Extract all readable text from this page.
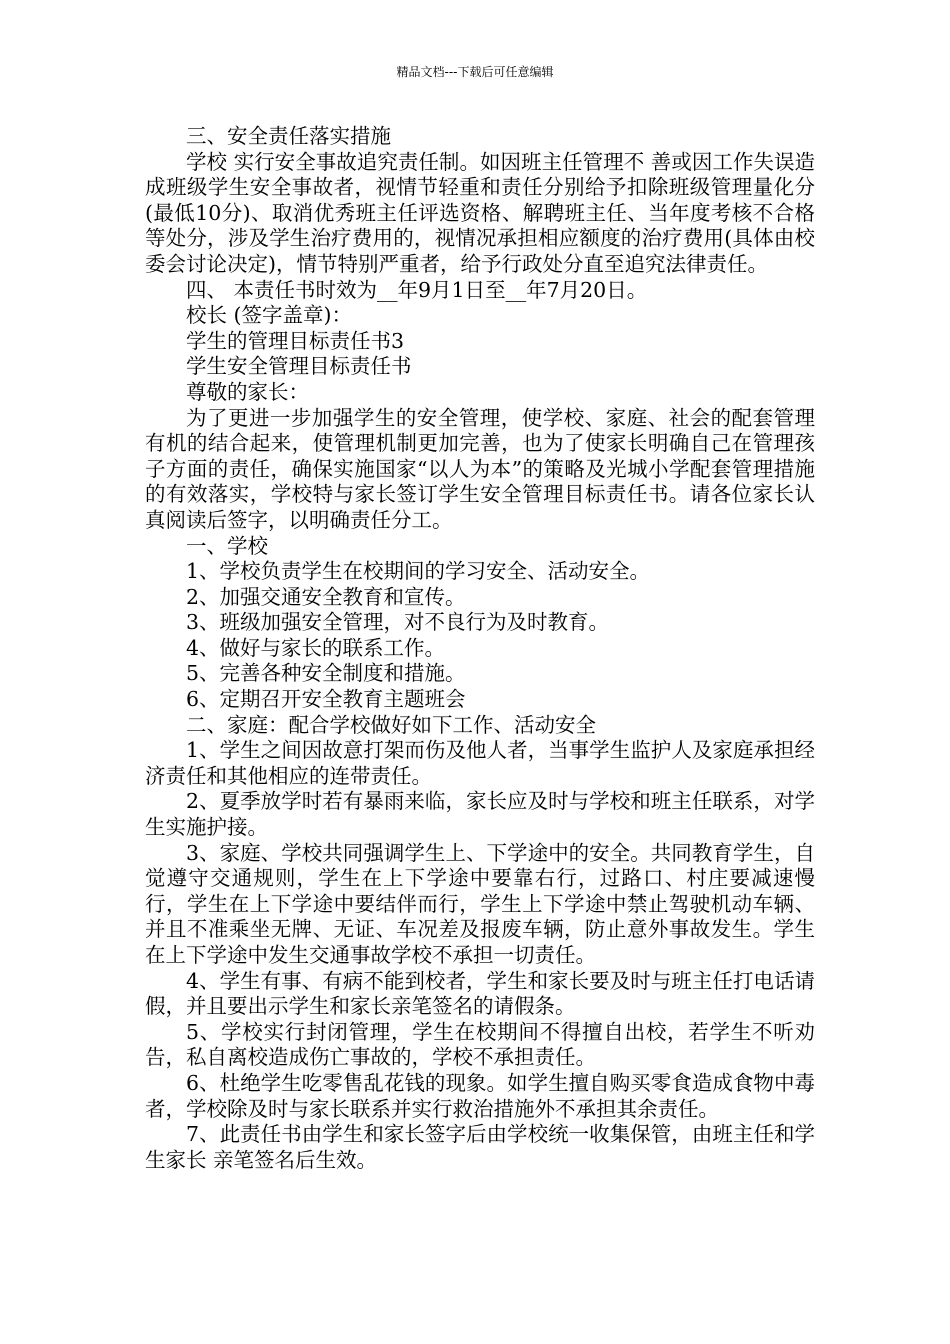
精品文档---下载后可任意编辑

三、安全责任落实措施

学校 实行安全事故追究责任制。如因班主任管理不 善或因工作失误造成班级学生安全事故者，视情节轻重和责任分别给予扣除班级管理量化分(最低10分)、取消优秀班主任评选资格、解聘班主任、当年度考核不合格等处分，涉及学生治疗费用的，视情况承担相应额度的治疗费用(具体由校委会讨论决定)，情节特别严重者，给予行政处分直至追究法律责任。

四、 本责任书时效为__年9月1日至__年7月20日。

校长 (签字盖章)：

学生的管理目标责任书3

学生安全管理目标责任书

尊敬的家长：

为了更进一步加强学生的安全管理，使学校、家庭、社会的配套管理有机的结合起来，使管理机制更加完善，也为了使家长明确自己在管理孩子方面的责任，确保实施国家“以人为本”的策略及光城小学配套管理措施的有效落实，学校特与家长签订学生安全管理目标责任书。请各位家长认真阅读后签字，以明确责任分工。

一、学校

1、学校负责学生在校期间的学习安全、活动安全。

2、加强交通安全教育和宣传。

3、班级加强安全管理，对不良行为及时教育。

4、做好与家长的联系工作。

5、完善各种安全制度和措施。

6、定期召开安全教育主题班会

二、家庭：配合学校做好如下工作、活动安全

1、学生之间因故意打架而伤及他人者，当事学生监护人及家庭承担经济责任和其他相应的连带责任。

2、夏季放学时若有暴雨来临，家长应及时与学校和班主任联系，对学生实施护接。

3、家庭、学校共同强调学生上、下学途中的安全。共同教育学生，自觉遵守交通规则，学生在上下学途中要靠右行，过路口、村庄要减速慢行，学生在上下学途中要结伴而行，学生上下学途中禁止驾驶机动车辆、并且不准乘坐无牌、无证、车况差及报废车辆，防止意外事故发生。学生在上下学途中发生交通事故学校不承担一切责任。

4、学生有事、有病不能到校者，学生和家长要及时与班主任打电话请假，并且要出示学生和家长亲笔签名的请假条。

5、学校实行封闭管理，学生在校期间不得擅自出校，若学生不听劝告，私自离校造成伤亡事故的，学校不承担责任。

6、杜绝学生吃零售乱花钱的现象。如学生擅自购买零食造成食物中毒者，学校除及时与家长联系并实行救治措施外不承担其余责任。

7、此责任书由学生和家长签字后由学校统一收集保管，由班主任和学生家长 亲笔签名后生效。
